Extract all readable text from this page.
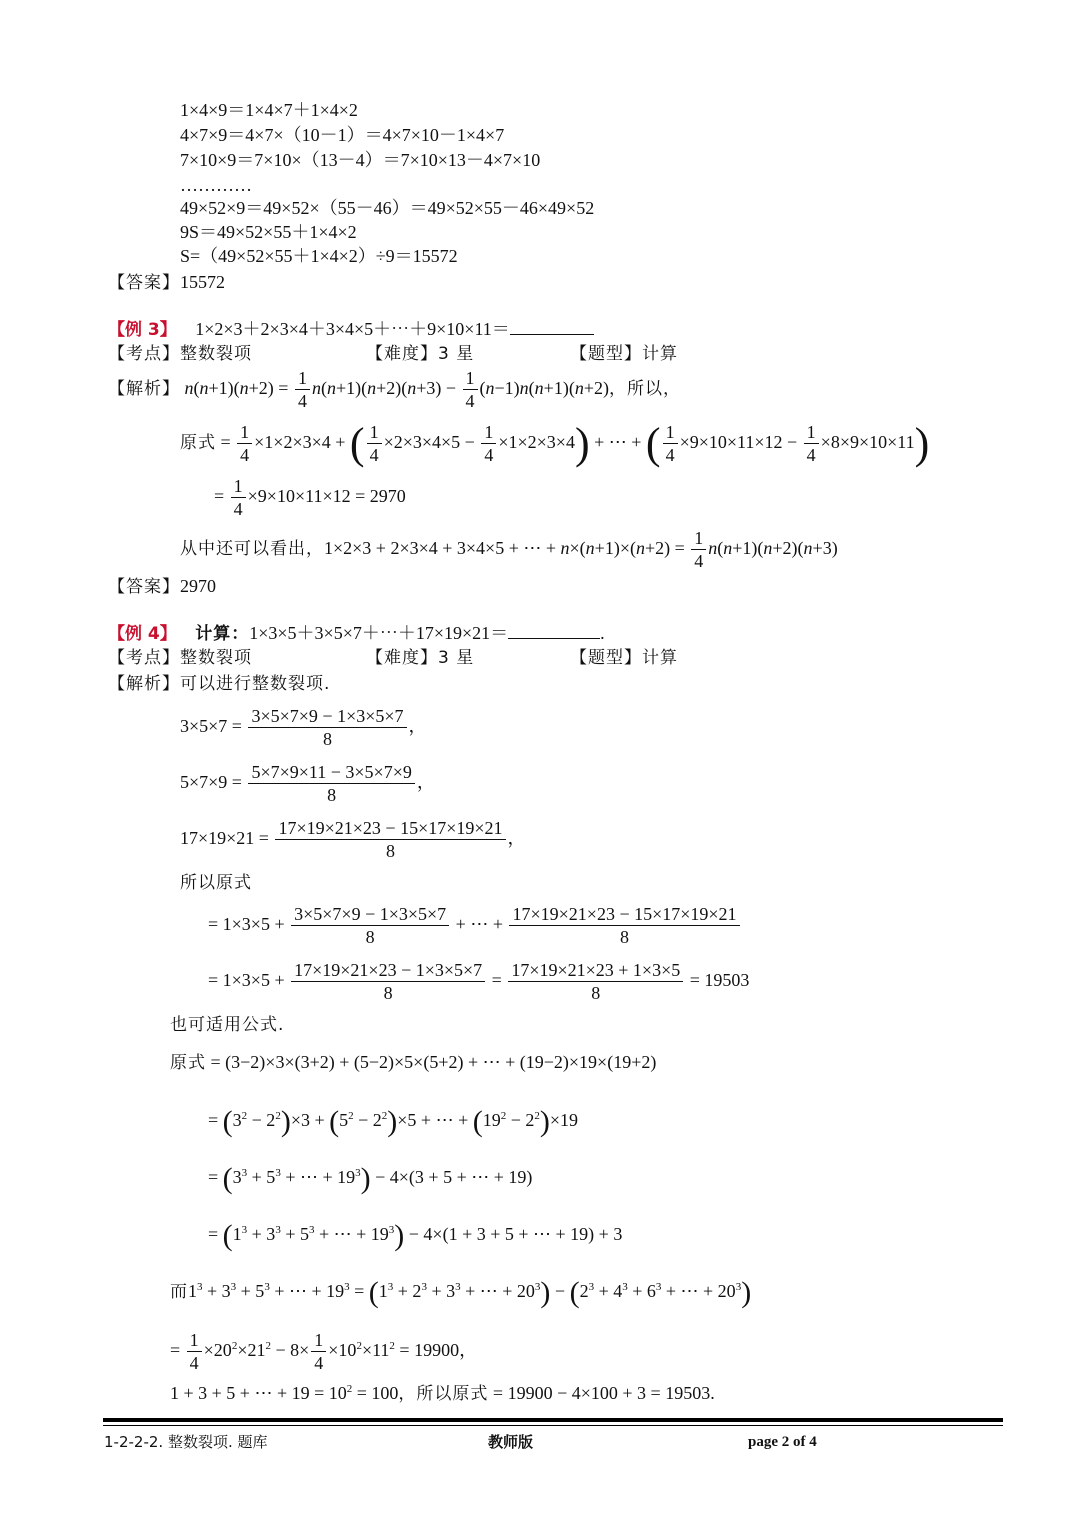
1×4×9＝1×4×7＋1×4×2
4×7×9＝4×7×（10－1）＝4×7×10－1×4×7
7×10×9＝7×10×（13－4）＝7×10×13－4×7×10
…………
49×52×9＝49×52×（55－46）＝49×52×55－46×49×52
9S＝49×52×55＋1×4×2
S=（49×52×55＋1×4×2）÷9＝15572
【答案】15572
【例 3】 1×2×3＋2×3×4＋3×4×5＋⋯＋9×10×11＝
【考点】整数裂项	【难度】3 星	【题型】计算
【解析】 $n(n+1)(n+2) = \frac{1}{4} n(n+1)(n+2)(n+3) - \frac{1}{4} (n-1)n(n+1)(n+2)$，所以，
原式 = $\frac{1}{4} \times 1\times 2\times 3\times 4$ + ( $\frac{1}{4} \times 2\times 3\times 4\times 5 - \frac{1}{4} \times 1\times 2\times 3\times 4$) + ⋯ + ( $\frac{1}{4} \times 9\times 10\times 11\times 12 - \frac{1}{4} \times 8\times 9\times 10\times 11$)
= $\frac{1}{4} \times 9\times 10\times 11\times 12 = 2970$
从中还可以看出，1×2×3 + 2×3×4 + 3×4×5 + ⋯ + $n\times(n+1)\times(n+2) = \frac{1}{4} n(n+1)(n+2)(n+3)$
【答案】2970
【例 4】 计算：1×3×5＋3×5×7＋⋯＋17×19×21＝	.
【考点】整数裂项	【难度】3 星	【题型】计算
【解析】可以进行整数裂项.
$3\times 5\times 7 = \frac{3\times 5\times 7\times 9 - 1\times 3\times 5\times 7}{8}$ ，
$5\times 7\times 9 = \frac{5\times 7\times 9\times 11 - 3\times 5\times 7\times 9}{8}$ ，
$17\times 19\times 21 = \frac{17\times 19\times 21\times 23 - 15\times 17\times 19\times 21}{8}$ ，
所以原式
= $1\times 3\times 5 + \frac{3\times 5\times 7\times 9 - 1\times 3\times 5\times 7}{8}$ + ⋯ + $\frac{17\times 19\times 21\times 23 - 15\times 17\times 19\times 21}{8}$
= $1\times 3\times 5 + \frac{17\times 19\times 21\times 23 - 1\times 3\times 5\times 7}{8} = \frac{17\times 19\times 21\times 23 + 1\times 3\times 5}{8} = 19503$
也可适用公式.
原式 = (3−2)×3×(3+2) + (5−2)×5×(5+2) + ⋯ + (19−2)×19×(19+2)
= $(3^2 - 2^2)\times 3 + (5^2 - 2^2)\times 5$ + ⋯ + $(19^2 - 2^2)\times 19$
= ($3^3 + 5^3$ + ⋯ + $19^3) - 4\times(3 + 5$ + ⋯ + 19)
= ($1^3 + 3^3 + 5^3$ + ⋯ + $19^3) - 4\times(1 + 3 + 5$ + ⋯ + 19) + 3
而$1^3 + 3^3 + 5^3$ + ⋯ + $19^3 = (1^3 + 2^3 + 3^3$ + ⋯ + $20^3) - (2^3 + 4^3 + 6^3$ + ⋯ + $20^3$)
= $\frac{1}{4} \times 20^2\times 21^2 - 8\times \frac{1}{4} \times 10^2\times 11^2 = 19900$，
1 + 3 + 5 + ⋯ + $19 = 10^2 = 100$，所以原式 = 19900 − 4×100 + 3 = 19503.
1-2-2-2. 整数裂项. 题库	教师版	page 2 of 4
